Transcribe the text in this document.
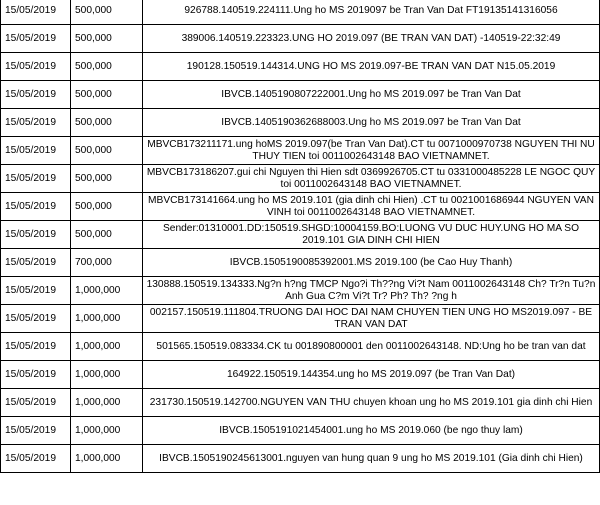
15/05/2019	500,000	926788.140519.224111.Ung ho MS 2019097 be Tran Van Dat FT19135141316056
15/05/2019	500,000	389006.140519.223323.UNG HO 2019.097 (BE TRAN VAN DAT) -140519-22:32:49
15/05/2019	500,000	190128.150519.144314.UNG HO MS 2019.097-BE TRAN VAN DAT N15.05.2019
15/05/2019	500,000	IBVCB.1405190807222001.Ung ho MS 2019.097 be Tran Van Dat
15/05/2019	500,000	IBVCB.1405190362688003.Ung ho MS 2019.097 be Tran Van Dat
15/05/2019	500,000	MBVCB173211171.ung hoMS 2019.097(be Tran Van Dat).CT tu 0071000970738 NGUYEN THI NU THUY TIEN toi 0011002643148 BAO VIETNAMNET.
15/05/2019	500,000	MBVCB173186207.gui chi Nguyen thi Hien sdt 0369926705.CT tu 0331000485228 LE NGOC QUY toi 0011002643148 BAO VIETNAMNET.
15/05/2019	500,000	MBVCB173141664.ung ho MS 2019.101 (gia dinh chi Hien) .CT tu 0021001686944 NGUYEN VAN VINH toi 0011002643148 BAO VIETNAMNET.
15/05/2019	500,000	Sender:01310001.DD:150519.SHGD:10004159.BO:LUONG VU DUC HUY.UNG HO MA SO 2019.101 GIA DINH CHI HIEN
15/05/2019	700,000	IBVCB.1505190085392001.MS 2019.100 (be Cao Huy Thanh)
15/05/2019	1,000,000	130888.150519.134333.Ng?n h?ng TMCP Ngo?i Th??ng Vi?t Nam 0011002643148 Ch? Tr?n Tu?n Anh Gua C?m Vi?t Tr? Ph? Th? ?ng h
15/05/2019	1,000,000	002157.150519.111804.TRUONG DAI HOC DAI NAM CHUYEN TIEN UNG HO MS2019.097 - BE TRAN VAN DAT
15/05/2019	1,000,000	501565.150519.083334.CK tu 001890800001 den 0011002643148. ND:Ung ho be tran van dat
15/05/2019	1,000,000	164922.150519.144354.ung ho MS 2019.097 (be Tran Van Dat)
15/05/2019	1,000,000	231730.150519.142700.NGUYEN VAN THU chuyen khoan ung ho MS 2019.101 gia dinh chi Hien
15/05/2019	1,000,000	IBVCB.1505191021454001.ung ho MS 2019.060 (be ngo thuy lam)
15/05/2019	1,000,000	IBVCB.1505190245613001.nguyen van hung quan 9 ung ho MS 2019.101 (Gia dinh chi Hien)
